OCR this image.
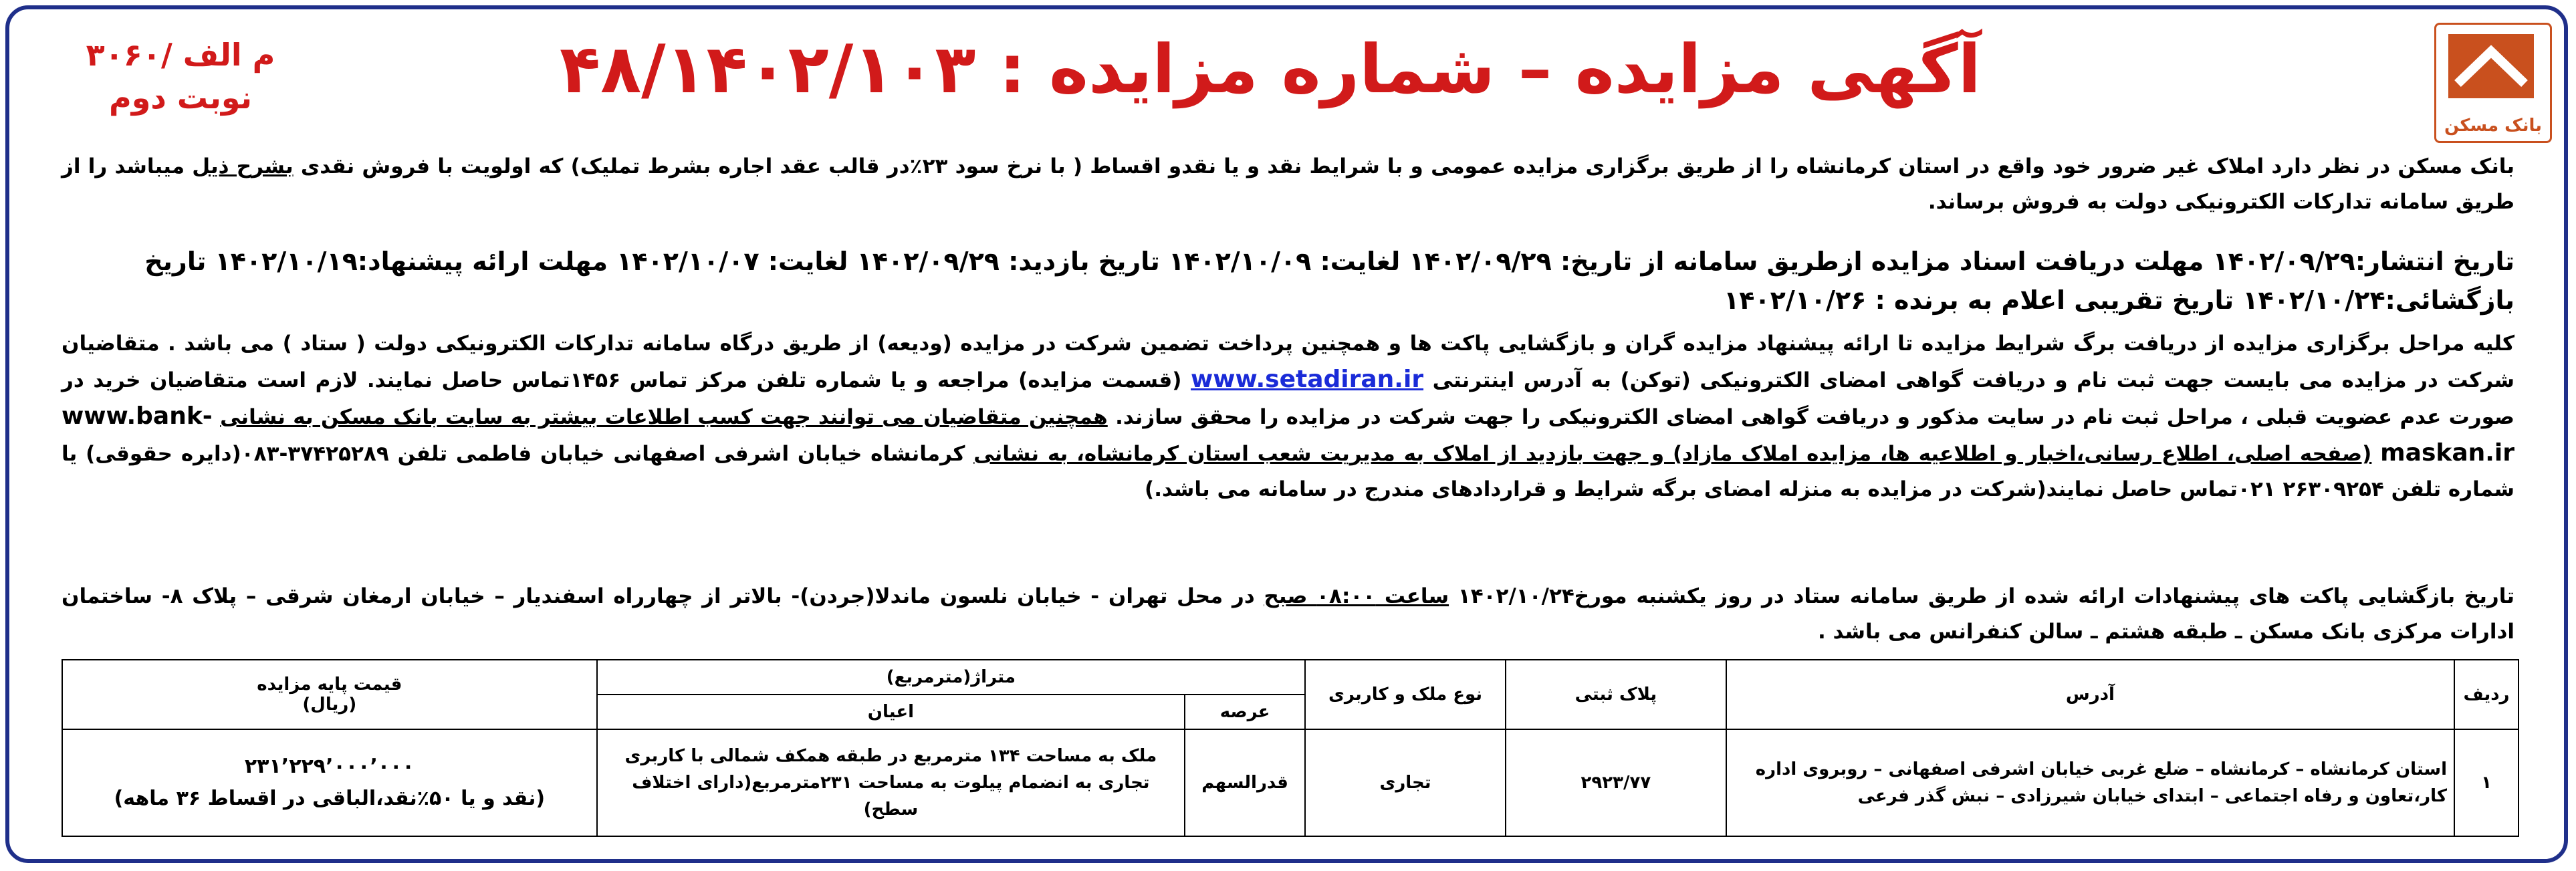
بانک مسکن
آگهی مزایده – شماره مزایده : ۴۸/۱۴۰۲/۱۰۳
م الف /۳۰۶۰
نوبت دوم
بانک مسکن در نظر دارد املاک غیر ضرور خود واقع در استان کرمانشاه را از طریق برگزاری مزایده عمومی و با شرایط نقد و یا نقدو اقساط ( با نرخ سود ۲۳٪در قالب عقد اجاره بشرط تملیک) که اولویت با فروش نقدی بشرح ذیل میباشد را از طریق سامانه تدارکات الکترونیکی دولت به فروش برساند.
تاریخ انتشار:۱۴۰۲/۰۹/۲۹ مهلت دریافت اسناد مزایده ازطریق سامانه از تاریخ: ۱۴۰۲/۰۹/۲۹ لغایت: ۱۴۰۲/۱۰/۰۹ تاریخ بازدید: ۱۴۰۲/۰۹/۲۹ لغایت: ۱۴۰۲/۱۰/۰۷ مهلت ارائه پیشنهاد:۱۴۰۲/۱۰/۱۹ تاریخ
بازگشائی:۱۴۰۲/۱۰/۲۴ تاریخ تقریبی اعلام به برنده : ۱۴۰۲/۱۰/۲۶
کلیه مراحل برگزاری مزایده از دریافت برگ شرایط مزایده تا ارائه پیشنهاد مزایده گران و بازگشایی پاکت ها و همچنین پرداخت تضمین شرکت در مزایده (ودیعه) از طریق درگاه سامانه تدارکات الکترونیکی دولت ( ستاد ) می باشد . متقاضیان شرکت در مزایده می بایست جهت ثبت نام و دریافت گواهی امضای الکترونیکی (توکن) به آدرس اینترنتی www.setadiran.ir (قسمت مزایده) مراجعه و یا شماره تلفن مرکز تماس ۱۴۵۶تماس حاصل نمایند. لازم است متقاضیان خرید در صورت عدم عضویت قبلی ، مراحل ثبت نام در سایت مذکور و دریافت گواهی امضای الکترونیکی را جهت شرکت در مزایده را محقق سازند. همچنین متقاضیان می توانند جهت کسب اطلاعات بیشتر به سایت بانک مسکن به نشانی www.bank-maskan.ir (صفحه اصلی، اطلاع رسانی،اخبار و اطلاعیه ها، مزایده املاک مازاد) و جهت بازدید از املاک به مدیریت شعب استان کرمانشاه، به نشانی کرمانشاه خیابان اشرفی اصفهانی خیابان فاطمی تلفن ۳۷۴۲۵۲۸۹-۰۸۳(دایره حقوقی) یا شماره تلفن ۲۶۳۰۹۲۵۴ ۰۲۱تماس حاصل نمایند(شرکت در مزایده به منزله امضای برگه شرایط و قراردادهای مندرج در سامانه می باشد.)
تاریخ بازگشایی پاکت های پیشنهادات ارائه شده از طریق سامانه ستاد در روز یکشنبه مورخ۱۴۰۲/۱۰/۲۴ ساعت ۰۸:۰۰ صبح در محل تهران - خیابان نلسون ماندلا(جردن)- بالاتر از چهارراه اسفندیار – خیابان ارمغان شرقی – پلاک ۸- ساختمان ادارات مرکزی بانک مسکن ـ طبقه هشتم ـ سالن کنفرانس می باشد .
ردیف	آدرس	پلاک ثبتی	نوع ملک و کاربری	متراژ(مترمربع)		قیمت پایه مزایده
(ریال)

				عرصه	اعیان	
۱	استان کرمانشاه – کرمانشاه – ضلع غربی خیابان اشرفی اصفهانی – روبروی اداره کار،تعاون و رفاه اجتماعی – ابتدای خیابان شیرزادی – نبش گذر فرعی	۲۹۲۳/۷۷	تجاری	قدرالسهم	ملک به مساحت ۱۳۴ مترمربع در طبقه همکف شمالی با کاربری تجاری به انضمام پیلوت به مساحت ۲۳۱مترمربع(دارای اختلاف سطح)	۲۳۱٬۲۲۹٬۰۰۰٬۰۰۰
(نقد و یا ۵۰٪نقد،الباقی در اقساط ۳۶ ماهه)
